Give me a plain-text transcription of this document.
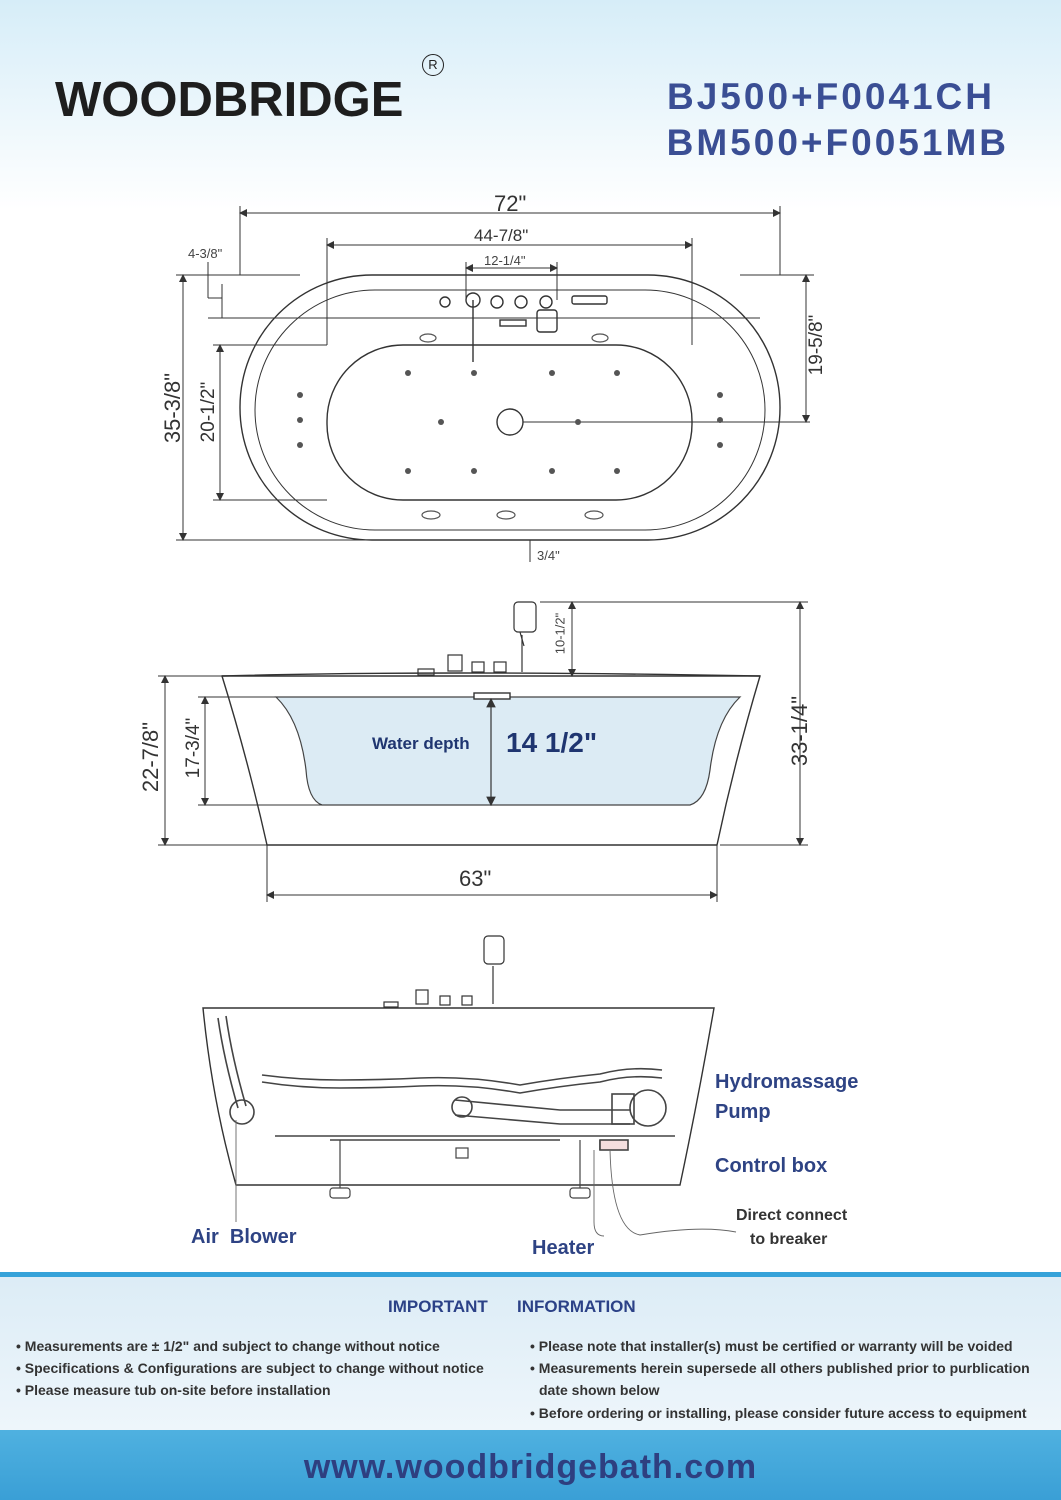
WOODBRIDGE
R
BJ500+F0041CH
BM500+F0051MB
72"
44-7/8"
12-1/4"
4-3/8"
35-3/8" 20-1/2"
19-5/8"
3/4"
10-1/2"
33-1/4"
22-7/8" 17-3/4"
63"
Water depth 14 1/2"
Hydromassage
Pump
Control box
Air  Blower	Heater
Direct connect
to breaker
IMPORTANT INFORMATION
• Measurements are ± 1/2" and subject to change without notice
• Specifications & Configurations are subject to change without notice
• Please measure tub on-site before installation
• Please note that installer(s) must be certified or warranty will be voided
• Measurements herein supersede all others published prior to purblication
date shown below
• Before ordering or installing, please consider future access to equipment
www.woodbridgebath.com
